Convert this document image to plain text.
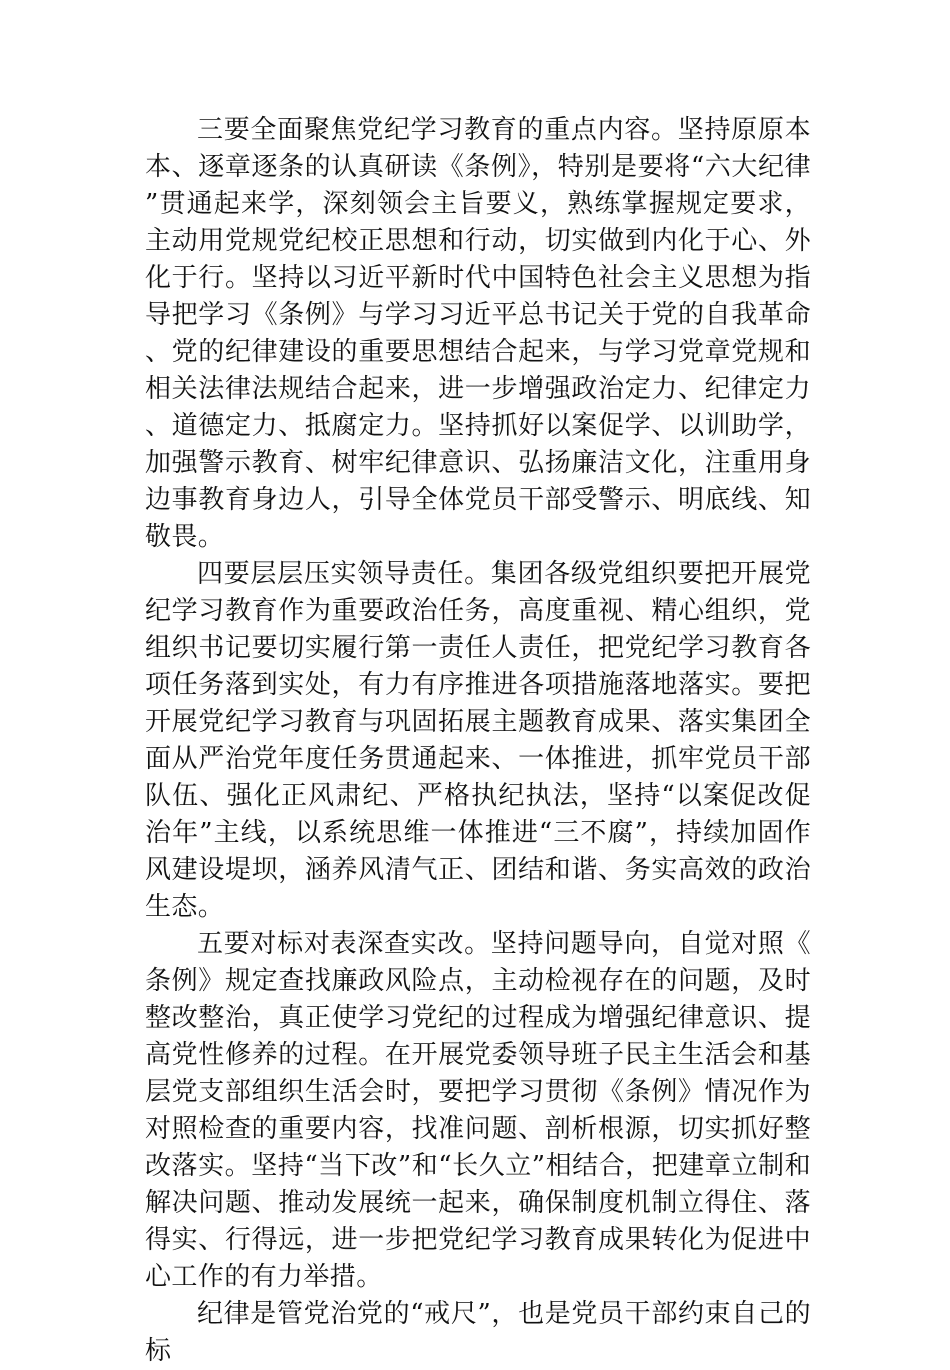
三要全面聚焦党纪学习教育的重点内容。坚持原原本本、逐章逐条的认真研读《条例》，特别是要将“六大纪律”贯通起来学，深刻领会主旨要义，熟练掌握规定要求，主动用党规党纪校正思想和行动，切实做到内化于心、外化于行。坚持以习近平新时代中国特色社会主义思想为指导把学习《条例》与学习习近平总书记关于党的自我革命、党的纪律建设的重要思想结合起来，与学习党章党规和相关法律法规结合起来，进一步增强政治定力、纪律定力、道德定力、抵腐定力。坚持抓好以案促学、以训助学，加强警示教育、树牢纪律意识、弘扬廉洁文化，注重用身边事教育身边人，引导全体党员干部受警示、明底线、知敬畏。

四要层层压实领导责任。集团各级党组织要把开展党纪学习教育作为重要政治任务，高度重视、精心组织，党组织书记要切实履行第一责任人责任，把党纪学习教育各项任务落到实处，有力有序推进各项措施落地落实。要把开展党纪学习教育与巩固拓展主题教育成果、落实集团全面从严治党年度任务贯通起来、一体推进，抓牢党员干部队伍、强化正风肃纪、严格执纪执法，坚持“以案促改促治年”主线，以系统思维一体推进“三不腐”，持续加固作风建设堤坝，涵养风清气正、团结和谐、务实高效的政治生态。

五要对标对表深查实改。坚持问题导向，自觉对照《条例》规定查找廉政风险点，主动检视存在的问题，及时整改整治，真正使学习党纪的过程成为增强纪律意识、提高党性修养的过程。在开展党委领导班子民主生活会和基层党支部组织生活会时，要把学习贯彻《条例》情况作为对照检查的重要内容，找准问题、剖析根源，切实抓好整改落实。坚持“当下改”和“长久立”相结合，把建章立制和解决问题、推动发展统一起来，确保制度机制立得住、落得实、行得远，进一步把党纪学习教育成果转化为促进中心工作的有力举措。

纪律是管党治党的“戒尺”，也是党员干部约束自己的标
